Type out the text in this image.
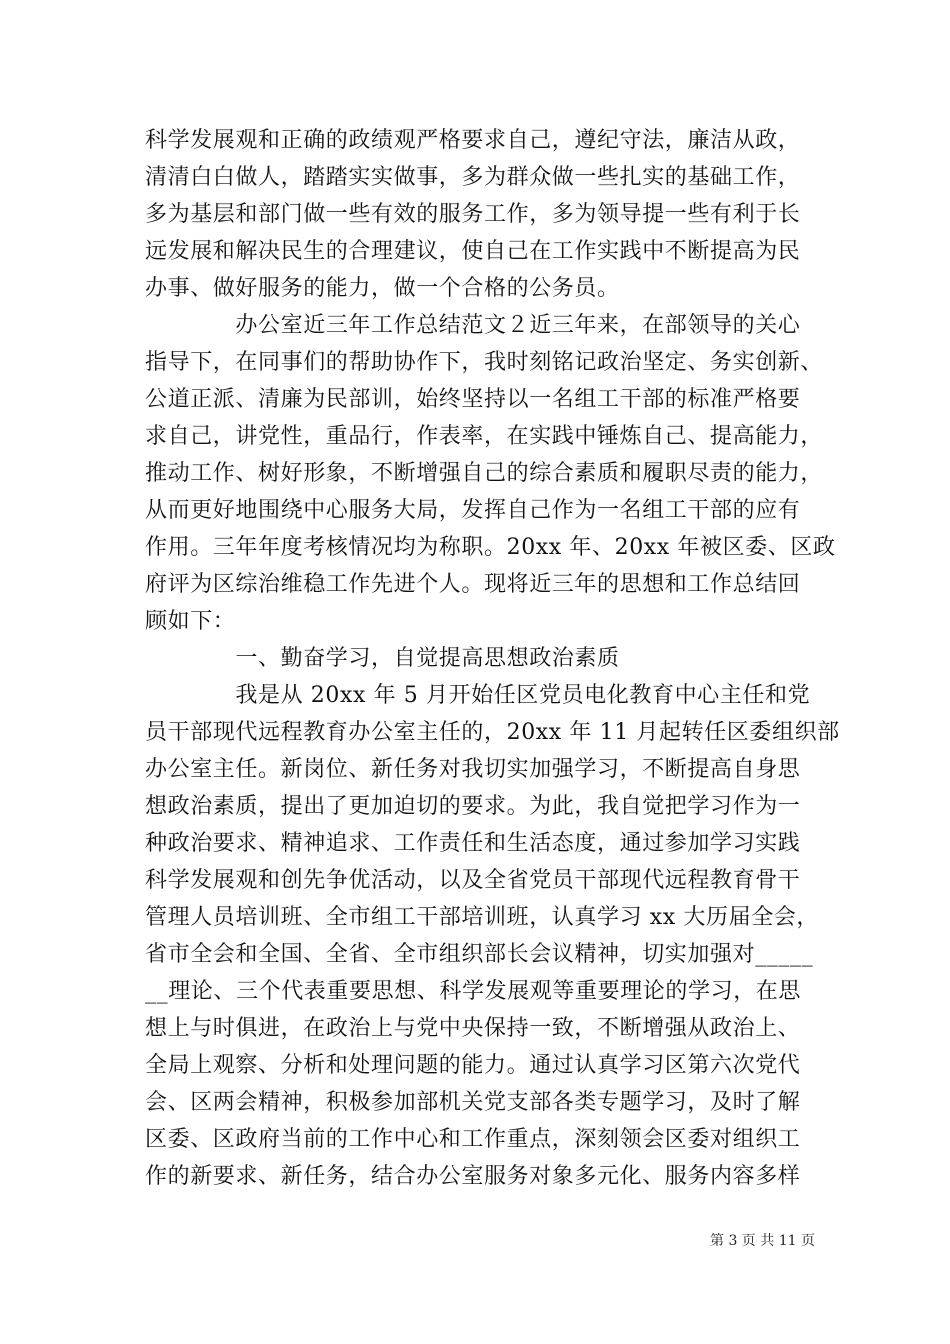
科学发展观和正确的政绩观严格要求自己，遵纪守法，廉洁从政，
清清白白做人，踏踏实实做事，多为群众做一些扎实的基础工作，
多为基层和部门做一些有效的服务工作，多为领导提一些有利于长
远发展和解决民生的合理建议，使自己在工作实践中不断提高为民
办事、做好服务的能力，做一个合格的公务员。
　　　　办公室近三年工作总结范文２近三年来，在部领导的关心
指导下，在同事们的帮助协作下，我时刻铭记政治坚定、务实创新、
公道正派、清廉为民部训，始终坚持以一名组工干部的标准严格要
求自己，讲党性，重品行，作表率，在实践中锤炼自己、提高能力，
推动工作、树好形象，不断增强自己的综合素质和履职尽责的能力，
从而更好地围绕中心服务大局，发挥自己作为一名组工干部的应有
作用。三年年度考核情况均为称职。20xx 年、20xx 年被区委、区政
府评为区综治维稳工作先进个人。现将近三年的思想和工作总结回
顾如下：
　　　　一、勤奋学习，自觉提高思想政治素质
　　　　我是从 20xx 年 5 月开始任区党员电化教育中心主任和党
员干部现代远程教育办公室主任的，20xx 年 11 月起转任区委组织部
办公室主任。新岗位、新任务对我切实加强学习，不断提高自身思
想政治素质，提出了更加迫切的要求。为此，我自觉把学习作为一
种政治要求、精神追求、工作责任和生活态度，通过参加学习实践
科学发展观和创先争优活动，以及全省党员干部现代远程教育骨干
管理人员培训班、全市组工干部培训班，认真学习 xx 大历届全会，
省市全会和全国、全省、全市组织部长会议精神，切实加强对_____
__理论、三个代表重要思想、科学发展观等重要理论的学习，在思
想上与时俱进，在政治上与党中央保持一致，不断增强从政治上、
全局上观察、分析和处理问题的能力。通过认真学习区第六次党代
会、区两会精神，积极参加部机关党支部各类专题学习，及时了解
区委、区政府当前的工作中心和工作重点，深刻领会区委对组织工
作的新要求、新任务，结合办公室服务对象多元化、服务内容多样
第 3 页 共 11 页
